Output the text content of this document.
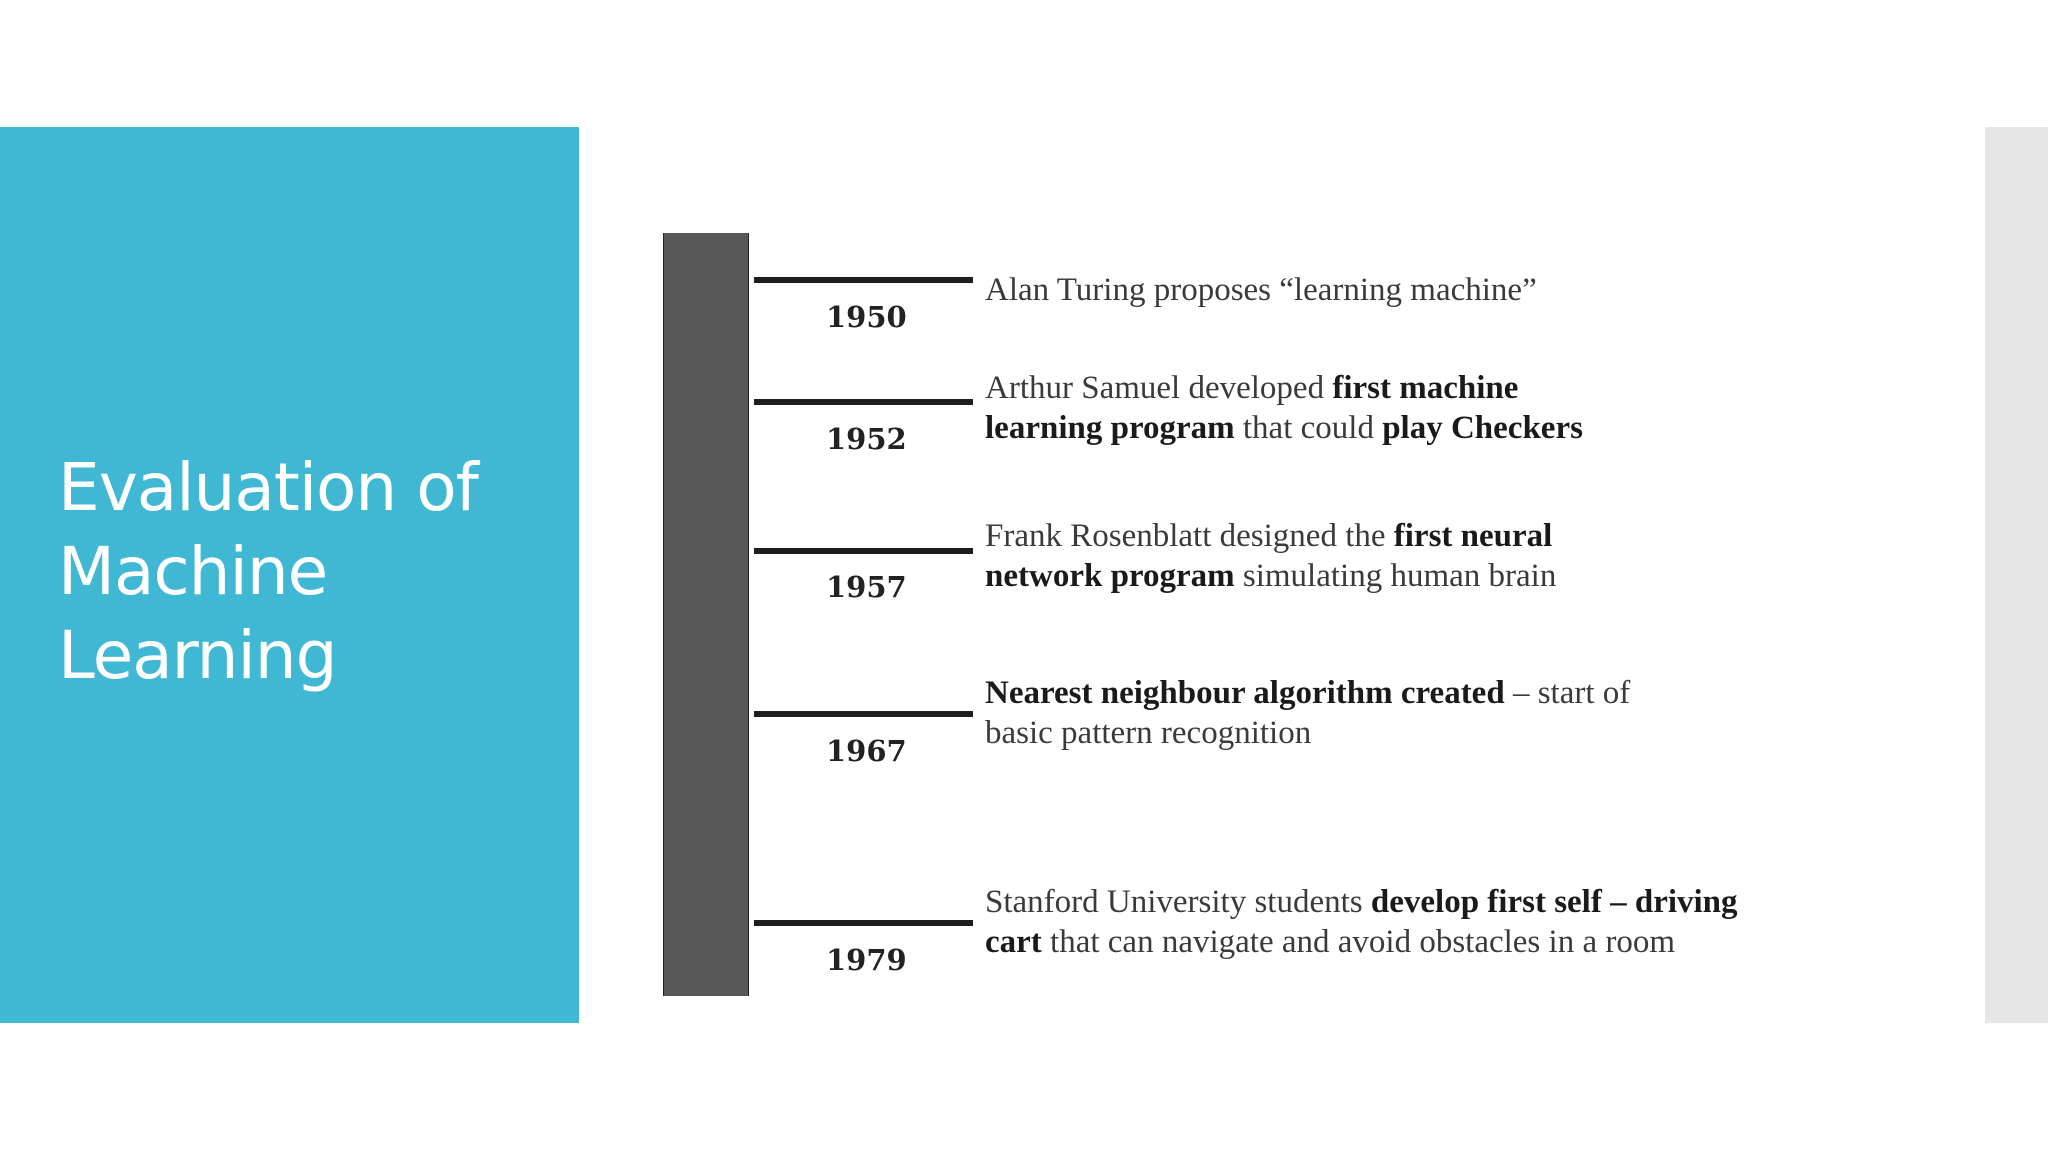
Evaluation of Machine Learning
1950
Alan Turing proposes “learning machine”
1952
Arthur Samuel developed first machine
learning program that could play Checkers
1957
Frank Rosenblatt designed the first neural
network program simulating human brain
1967
Nearest neighbour algorithm created – start of
basic pattern recognition
1979
Stanford University students develop first self – driving
cart that can navigate and avoid obstacles in a room
